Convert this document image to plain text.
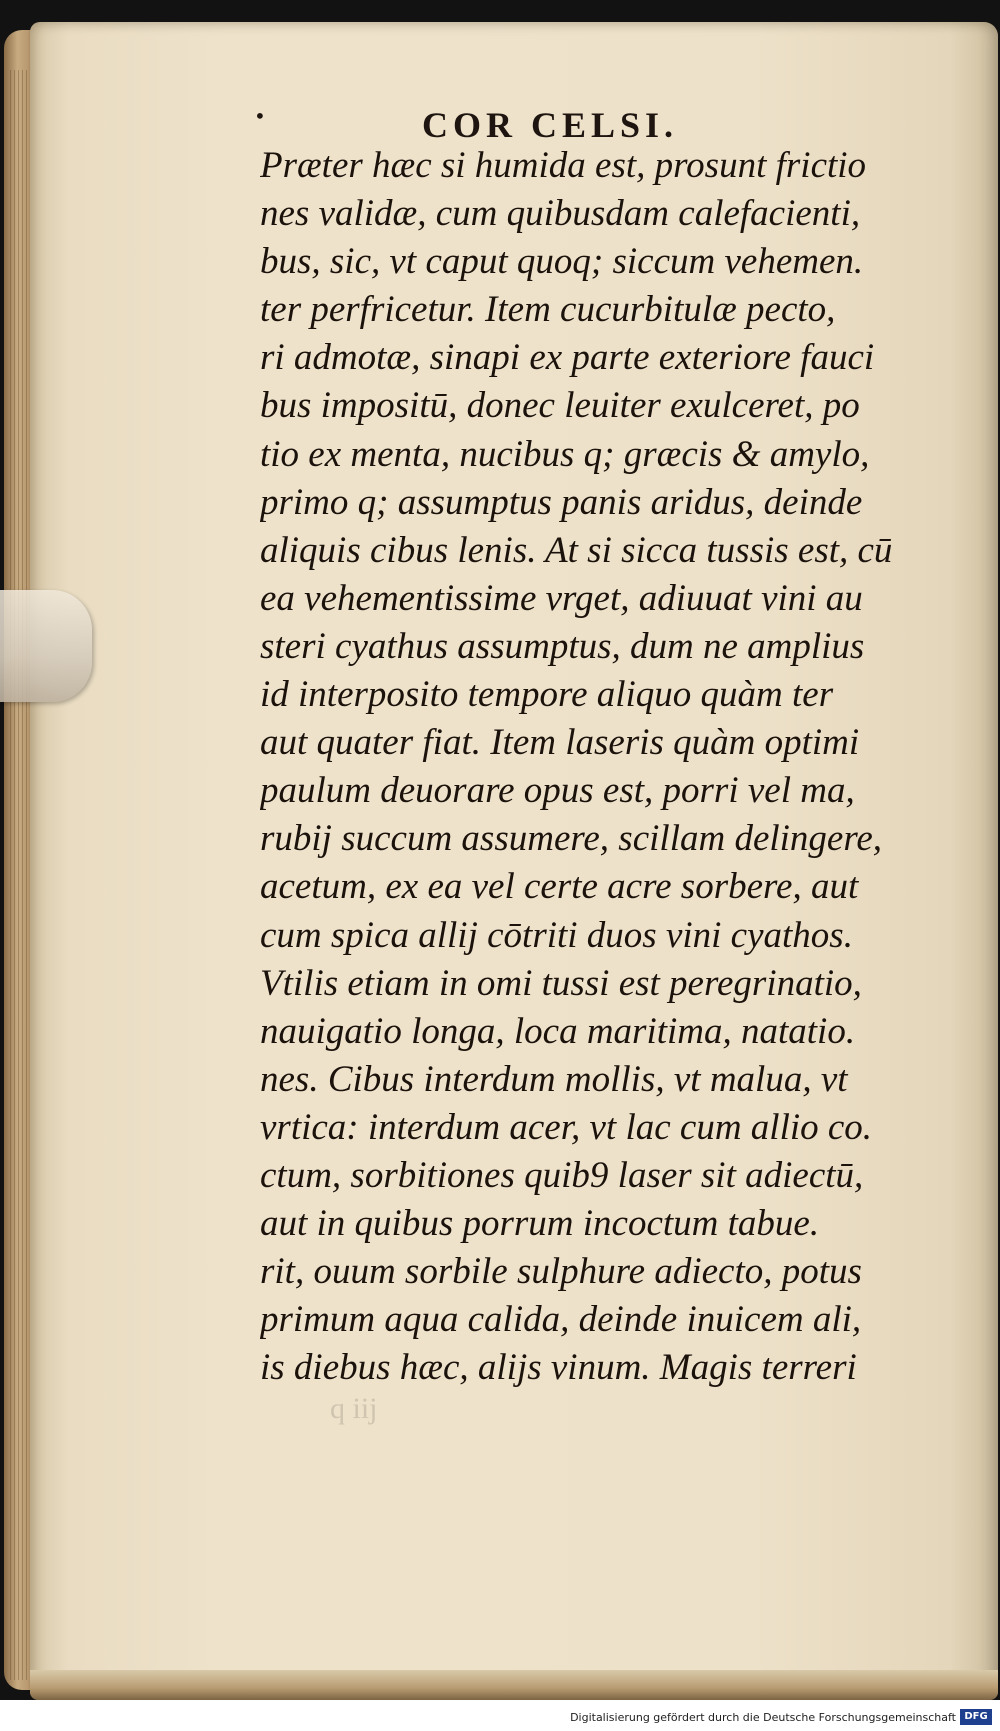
•	COR CELSI.
Præter hæc si humida est, prosunt frictio
nes validæ, cum quibusdam calefacienti,
bus, sic, vt caput quoq; siccum vehemen.
ter perfricetur. Item cucurbitulæ pecto,
ri admotæ, sinapi ex parte exteriore fauci
bus impositū, donec leuiter exulceret, po
tio ex menta, nucibus q; græcis & amylo,
primo q; assumptus panis aridus, deinde
aliquis cibus lenis. At si sicca tussis est, cū
ea vehementissime vrget, adiuuat vini au
steri cyathus assumptus, dum ne amplius
id interposito tempore aliquo quàm ter
aut quater fiat. Item laseris quàm optimi
paulum deuorare opus est, porri vel ma,
rubij succum assumere, scillam delingere,
acetum, ex ea vel certe acre sorbere, aut
cum spica allij cōtriti duos vini cyathos.
Vtilis etiam in omi tussi est peregrinatio,
nauigatio longa, loca maritima, natatio.
nes. Cibus interdum mollis, vt malua, vt
vrtica: interdum acer, vt lac cum allio co.
ctum, sorbitiones quib9 laser sit adiectū,
aut in quibus porrum incoctum tabue.
rit, ouum sorbile sulphure adiecto, potus
primum aqua calida, deinde inuicem ali,
is diebus hæc, alijs vinum. Magis terreri
q iij
Digitalisierung gefördert durch die Deutsche Forschungsgemeinschaft DFG
